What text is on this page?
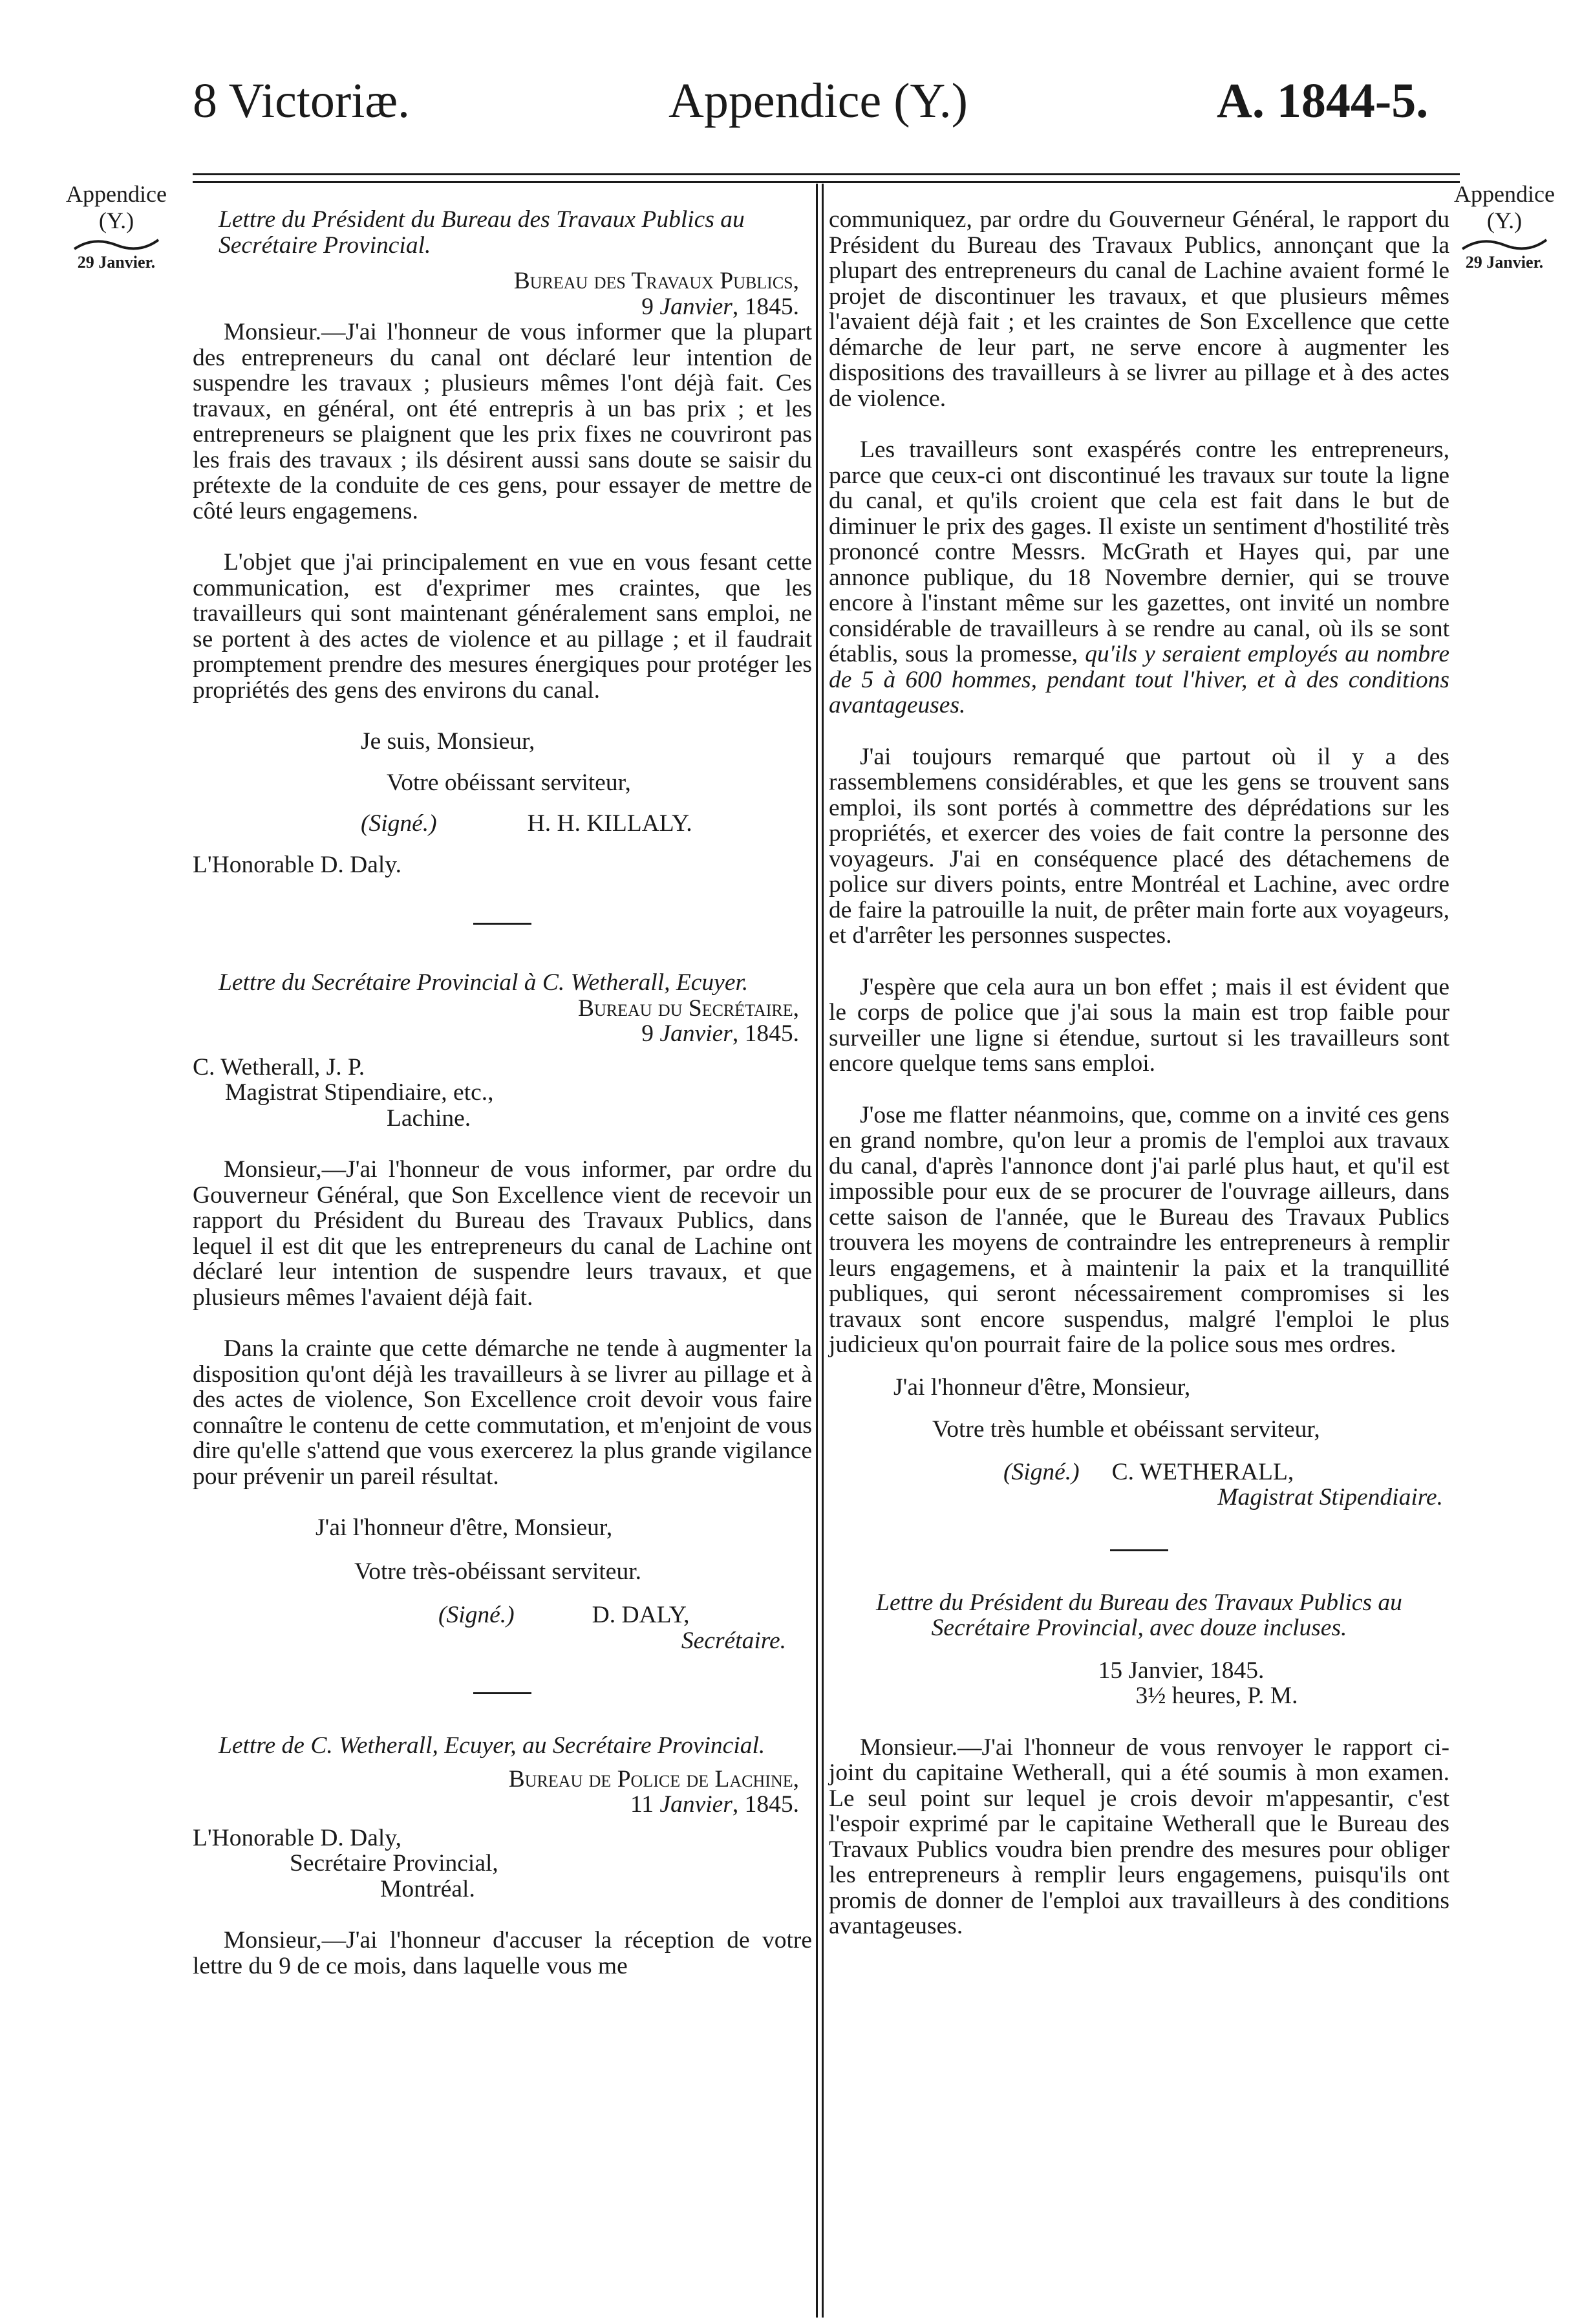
8 Victoriæ.	Appendice (Y.)	A. 1844-5.
Appendice
(Y.)
29 Janvier.
Appendice
(Y.)
29 Janvier.

Lettre du Président du Bureau des Travaux Publics au Secrétaire Provincial.

Bureau des Travaux Publics,

9 Janvier, 1845.

Monsieur.—J'ai l'honneur de vous informer que la plupart des entrepreneurs du canal ont déclaré leur intention de suspendre les travaux ; plusieurs mêmes l'ont déjà fait. Ces travaux, en général, ont été entrepris à un bas prix ; et les entrepreneurs se plaignent que les prix fixes ne couvriront pas les frais des travaux ; ils désirent aussi sans doute se saisir du prétexte de la conduite de ces gens, pour essayer de mettre de côté leurs engagemens.

L'objet que j'ai principalement en vue en vous fesant cette communication, est d'exprimer mes craintes, que les travailleurs qui sont maintenant généralement sans emploi, ne se portent à des actes de violence et au pillage ; et il faudrait promptement prendre des mesures énergiques pour protéger les propriétés des gens des environs du canal.

Je suis, Monsieur,

Votre obéissant serviteur,

(Signé.)	H. H. KILLALY.

L'Honorable D. Daly.

Lettre du Secrétaire Provincial à C. Wetherall, Ecuyer.

Bureau du Secrétaire,

9 Janvier, 1845.

C. Wetherall, J. P.

Magistrat Stipendiaire, etc.,

Lachine.

Monsieur,—J'ai l'honneur de vous informer, par ordre du Gouverneur Général, que Son Excellence vient de recevoir un rapport du Président du Bureau des Travaux Publics, dans lequel il est dit que les entrepreneurs du canal de Lachine ont déclaré leur intention de suspendre leurs travaux, et que plusieurs mêmes l'avaient déjà fait.

Dans la crainte que cette démarche ne tende à augmenter la disposition qu'ont déjà les travailleurs à se livrer au pillage et à des actes de violence, Son Excellence croit devoir vous faire connaître le contenu de cette commutation, et m'enjoint de vous dire qu'elle s'attend que vous exercerez la plus grande vigilance pour prévenir un pareil résultat.

J'ai l'honneur d'être, Monsieur,

Votre très-obéissant serviteur.

(Signé.)	D. DALY,

Secrétaire.

Lettre de C. Wetherall, Ecuyer, au Secrétaire Provincial.

Bureau de Police de Lachine,

11 Janvier, 1845.

L'Honorable D. Daly,

Secrétaire Provincial,

Montréal.

Monsieur,—J'ai l'honneur d'accuser la réception de votre lettre du 9 de ce mois, dans laquelle vous me

communiquez, par ordre du Gouverneur Général, le rapport du Président du Bureau des Travaux Publics, annonçant que la plupart des entrepreneurs du canal de Lachine avaient formé le projet de discontinuer les travaux, et que plusieurs mêmes l'avaient déjà fait ; et les craintes de Son Excellence que cette démarche de leur part, ne serve encore à augmenter les dispositions des travailleurs à se livrer au pillage et à des actes de violence.

Les travailleurs sont exaspérés contre les entrepreneurs, parce que ceux-ci ont discontinué les travaux sur toute la ligne du canal, et qu'ils croient que cela est fait dans le but de diminuer le prix des gages. Il existe un sentiment d'hostilité très prononcé contre Messrs. McGrath et Hayes qui, par une annonce publique, du 18 Novembre dernier, qui se trouve encore à l'instant même sur les gazettes, ont invité un nombre considérable de travailleurs à se rendre au canal, où ils se sont établis, sous la promesse, qu'ils y seraient employés au nombre de 5 à 600 hommes, pendant tout l'hiver, et à des conditions avantageuses.

J'ai toujours remarqué que partout où il y a des rassemblemens considérables, et que les gens se trouvent sans emploi, ils sont portés à commettre des déprédations sur les propriétés, et exercer des voies de fait contre la personne des voyageurs. J'ai en conséquence placé des détachemens de police sur divers points, entre Montréal et Lachine, avec ordre de faire la patrouille la nuit, de prêter main forte aux voyageurs, et d'arrêter les personnes suspectes.

J'espère que cela aura un bon effet ; mais il est évident que le corps de police que j'ai sous la main est trop faible pour surveiller une ligne si étendue, surtout si les travailleurs sont encore quelque tems sans emploi.

J'ose me flatter néanmoins, que, comme on a invité ces gens en grand nombre, qu'on leur a promis de l'emploi aux travaux du canal, d'après l'annonce dont j'ai parlé plus haut, et qu'il est impossible pour eux de se procurer de l'ouvrage ailleurs, dans cette saison de l'année, que le Bureau des Travaux Publics trouvera les moyens de contraindre les entrepreneurs à remplir leurs engagemens, et à maintenir la paix et la tranquillité publiques, qui seront nécessairement compromises si les travaux sont encore suspendus, malgré l'emploi le plus judicieux qu'on pourrait faire de la police sous mes ordres.

J'ai l'honneur d'être, Monsieur,

Votre très humble et obéissant serviteur,

(Signé.) C. WETHERALL,

Magistrat Stipendiaire.

Lettre du Président du Bureau des Travaux Publics au Secrétaire Provincial, avec douze incluses.

15 Janvier, 1845.

3½ heures, P. M.

Monsieur.—J'ai l'honneur de vous renvoyer le rapport ci-joint du capitaine Wetherall, qui a été soumis à mon examen. Le seul point sur lequel je crois devoir m'appesantir, c'est l'espoir exprimé par le capitaine Wetherall que le Bureau des Travaux Publics voudra bien prendre des mesures pour obliger les entrepreneurs à remplir leurs engagemens, puisqu'ils ont promis de donner de l'emploi aux travailleurs à des conditions avantageuses.
